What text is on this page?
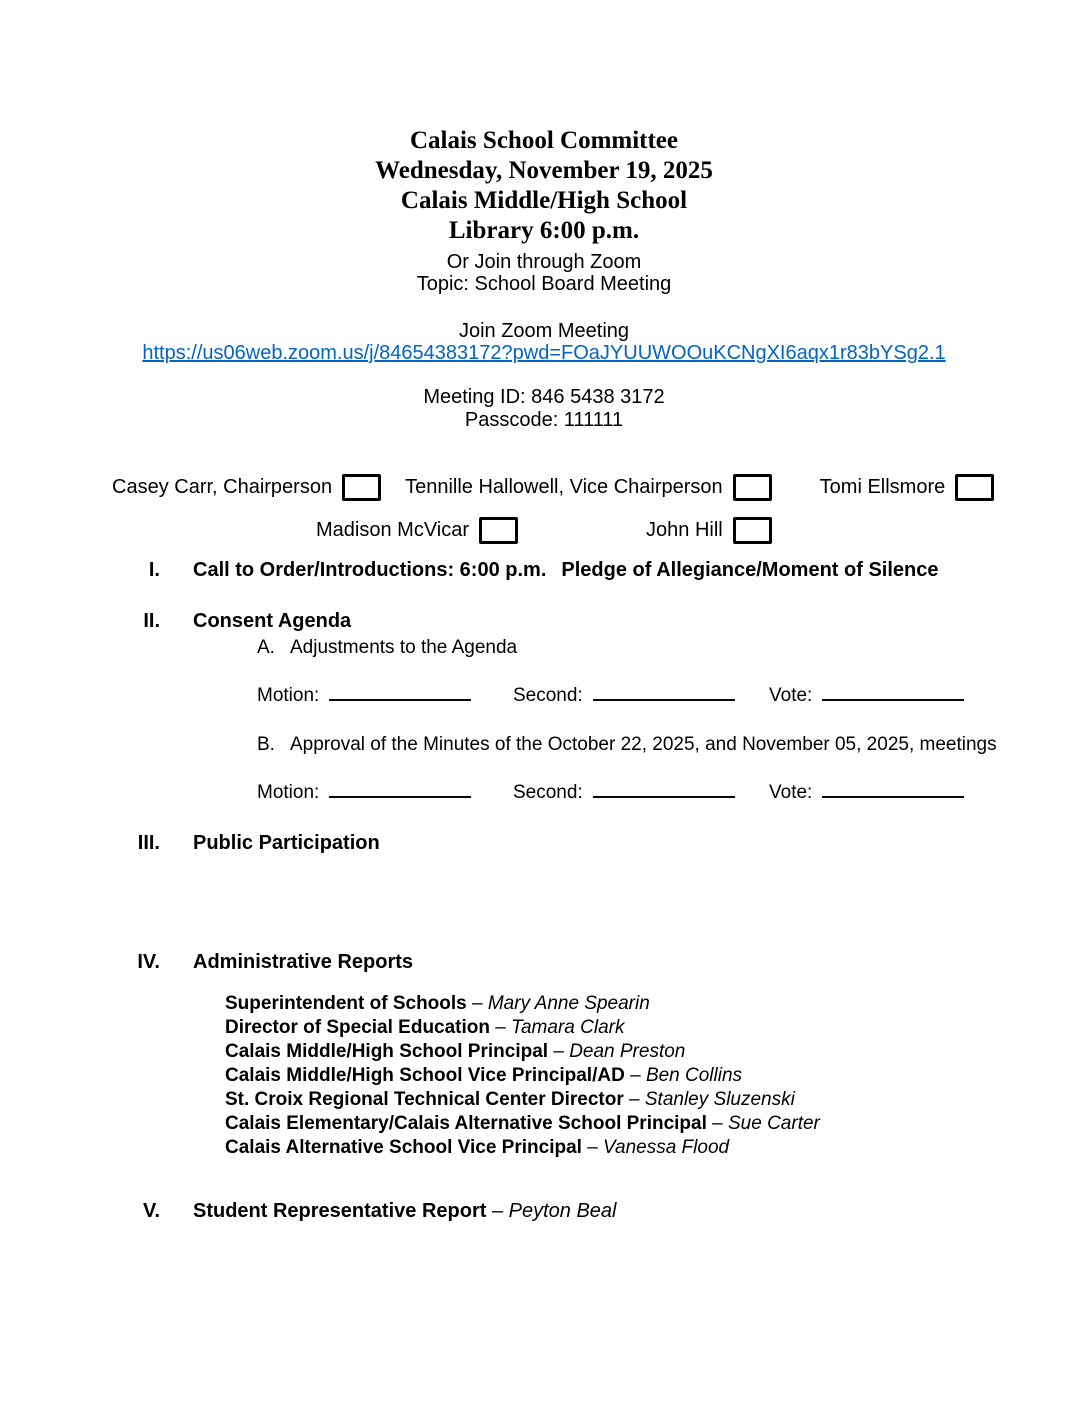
Calais School Committee
Wednesday, November 19, 2025
Calais Middle/High School
Library 6:00 p.m.
Or Join through Zoom
Topic: School Board Meeting
Join Zoom Meeting
https://us06web.zoom.us/j/84654383172?pwd=FOaJYUUWOOuKCNgXI6aqx1r83bYSg2.1
Meeting ID: 846 5438 3172
Passcode: 111111
Casey Carr, Chairperson	Tennille Hallowell, Vice Chairperson	Tomi Ellsmore
Madison McVicar	John Hill
I. Call to Order/Introductions: 6:00 p.m. Pledge of Allegiance/Moment of Silence
II. Consent Agenda
A. Adjustments to the Agenda
Motion:	Second:	Vote:
B. Approval of the Minutes of the October 22, 2025, and November 05, 2025, meetings
Motion:	Second:	Vote:
III. Public Participation
IV. Administrative Reports
Superintendent of Schools – Mary Anne Spearin
Director of Special Education – Tamara Clark
Calais Middle/High School Principal – Dean Preston
Calais Middle/High School Vice Principal/AD – Ben Collins
St. Croix Regional Technical Center Director – Stanley Sluzenski
Calais Elementary/Calais Alternative School Principal – Sue Carter
Calais Alternative School Vice Principal – Vanessa Flood
V. Student Representative Report – Peyton Beal
